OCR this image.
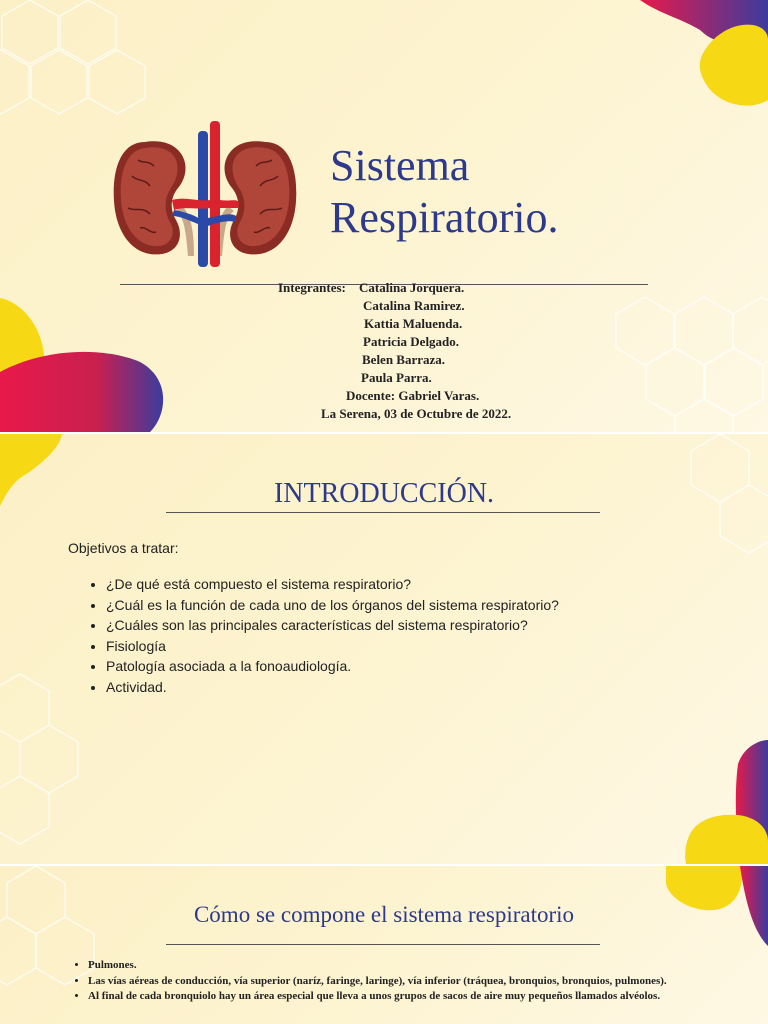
Sistema
Respiratorio.
Integrantes: Catalina Jorquera.
Catalina Ramirez.
Kattia Maluenda.
Patricia Delgado.
Belen Barraza.
Paula Parra.
Docente: Gabriel Varas.
La Serena, 03 de Octubre de 2022.
INTRODUCCIÓN.
Objetivos a tratar:
• ¿De qué está compuesto el sistema respiratorio?
• ¿Cuál es la función de cada uno de los órganos del sistema respiratorio?
• ¿Cuáles son las principales características del sistema respiratorio?
• Fisiología
• Patología asociada a la fonoaudiología.
• Actividad.
Cómo se compone el sistema respiratorio
• Pulmones.
• Las vías aéreas de conducción, vía superior (naríz, faringe, laringe), vía inferior (tráquea, bronquios, bronquios, pulmones).
• Al final de cada bronquiolo hay un área especial que lleva a unos grupos de sacos de aire muy pequeños llamados alvéolos.
